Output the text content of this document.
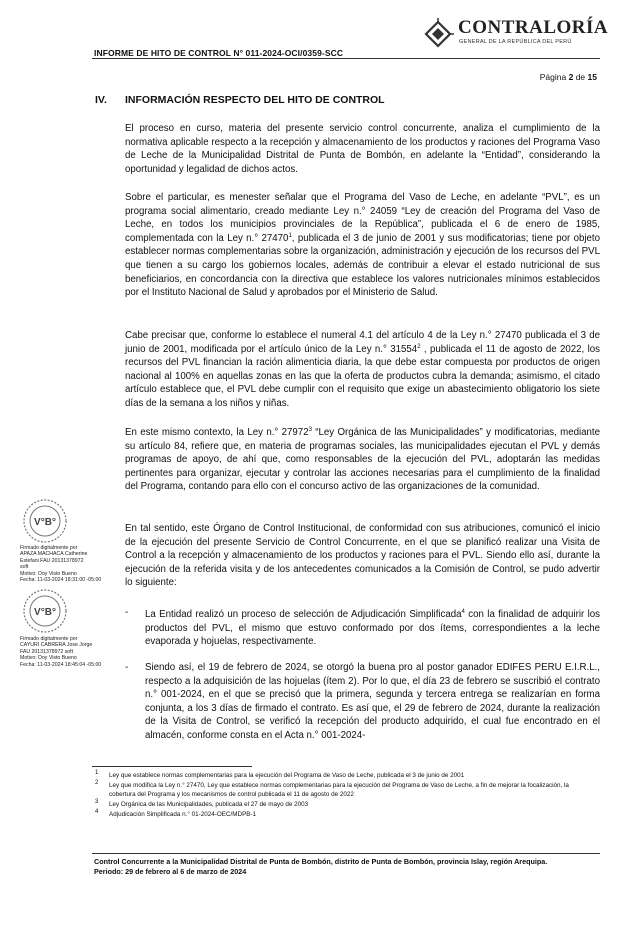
INFORME DE HITO DE CONTROL N° 011-2024-OCI/0359-SCC
CONTRALORÍA
GENERAL DE LA REPÚBLICA DEL PERÚ
Página 2 de 15
IV. INFORMACIÓN RESPECTO DEL HITO DE CONTROL
El proceso en curso, materia del presente servicio control concurrente, analiza el cumplimiento de la normativa aplicable respecto a la recepción y almacenamiento de los productos y raciones del Programa Vaso de Leche de la Municipalidad Distrital de Punta de Bombón, en adelante la “Entidad”, considerando la oportunidad y legalidad de dichos actos.
Sobre el particular, es menester señalar que el Programa del Vaso de Leche, en adelante “PVL”, es un programa social alimentario, creado mediante Ley n.° 24059 “Ley de creación del Programa del Vaso de Leche, en todos los municipios provinciales de la República”, publicada el 6 de enero de 1985, complementada con la Ley n.° 27470$^1$, publicada el 3 de junio de 2001 y sus modificatorias; tiene por objeto establecer normas complementarias sobre la organización, administración y ejecución de los recursos del PVL que tienen a su cargo los gobiernos locales, además de contribuir a elevar el estado nutricional de sus beneficiarios, en concordancia con la directiva que establece los valores nutricionales mínimos establecidos por el Instituto Nacional de Salud y aprobados por el Ministerio de Salud.
Cabe precisar que, conforme lo establece el numeral 4.1 del artículo 4 de la Ley n.° 27470 publicada el 3 de junio de 2001, modificada por el artículo único de la Ley n.° 31554$^2$ , publicada el 11 de agosto de 2022, los recursos del PVL financian la ración alimenticia diaria, la que debe estar compuesta por productos de origen nacional al 100% en aquellas zonas en las que la oferta de productos cubra la demanda; asimismo, el citado artículo establece que, el PVL debe cumplir con el requisito que exige un abastecimiento obligatorio los siete días de la semana a los niños y niñas.
En este mismo contexto, la Ley n.° 27972$^3$ “Ley Orgánica de las Municipalidades” y modificatorias, mediante su artículo 84, refiere que, en materia de programas sociales, las municipalidades ejecutan el PVL y demás programas de apoyo, de ahí que, como responsables de la ejecución del PVL, adoptarán las medidas pertinentes para organizar, ejecutar y controlar las acciones necesarias para el cumplimiento de la finalidad del Programa, contando para ello con el concurso activo de las organizaciones de la comunidad.
En tal sentido, este Órgano de Control Institucional, de conformidad con sus atribuciones, comunicó el inicio de la ejecución del presente Servicio de Control Concurrente, en el que se planificó realizar una Visita de Control a la recepción y almacenamiento de los productos y raciones para el PVL. Siendo ello así, durante la ejecución de la referida visita y de los antecedentes comunicados a la Comisión de Control, se pudo advertir lo siguiente:
- La Entidad realizó un proceso de selección de Adjudicación Simplificada$^4$ con la finalidad de adquirir los productos del PVL, el mismo que estuvo conformado por dos ítems, correspondientes a la leche evaporada y hojuelas, respectivamente.
- Siendo así, el 19 de febrero de 2024, se otorgó la buena pro al postor ganador EDIFES PERU E.I.R.L., respecto a la adquisición de las hojuelas (ítem 2). Por lo que, el día 23 de febrero se suscribió el contrato n.° 001-2024, en el que se precisó que la primera, segunda y tercera entrega se realizarían en forma conjunta, a los 3 días de firmado el contrato. Es así que, el 29 de febrero de 2024, durante la realización de la Visita de Control, se verificó la recepción del producto adquirido, el cual fue encontrado en el almacén, conforme consta en el Acta n.° 001-2024-
$^1$ Ley que establece normas complementarias para la ejecución del Programa de Vaso de Leche, publicada el 3 de junio de 2001
$^2$ Ley que modifica la Ley n.° 27470, Ley que establece normas complementarias para la ejecución del Programa de Vaso de Leche, a fin de mejorar la focalización, la cobertura del Programa y los mecanismos de control publicada el 11 de agosto de 2022
$^3$ Ley Orgánica de las Municipalidades, publicada el 27 de mayo de 2003
$^4$ Adjudicación Simplificada n.° 01-2024-OEC/MDPB-1
Control Concurrente a la Municipalidad Distrital de Punta de Bombón, distrito de Punta de Bombón, provincia Islay, región Arequipa.
Periodo: 29 de febrero al 6 de marzo de 2024
V°B°
Firmado digitalmente por
APAZA MACHACA Catherine
Estefani FAU 20131378972
soft
Motivo: Doy Visto Bueno
Fecha: 11-03-2024 18:31:00 -05:00
V°B°
Firmado digitalmente por
CAYURI CABRERA Jose Jorge
FAU 20131378972 soft
Motivo: Doy Visto Bueno
Fecha: 11-03-2024 18:45:04 -05:00
